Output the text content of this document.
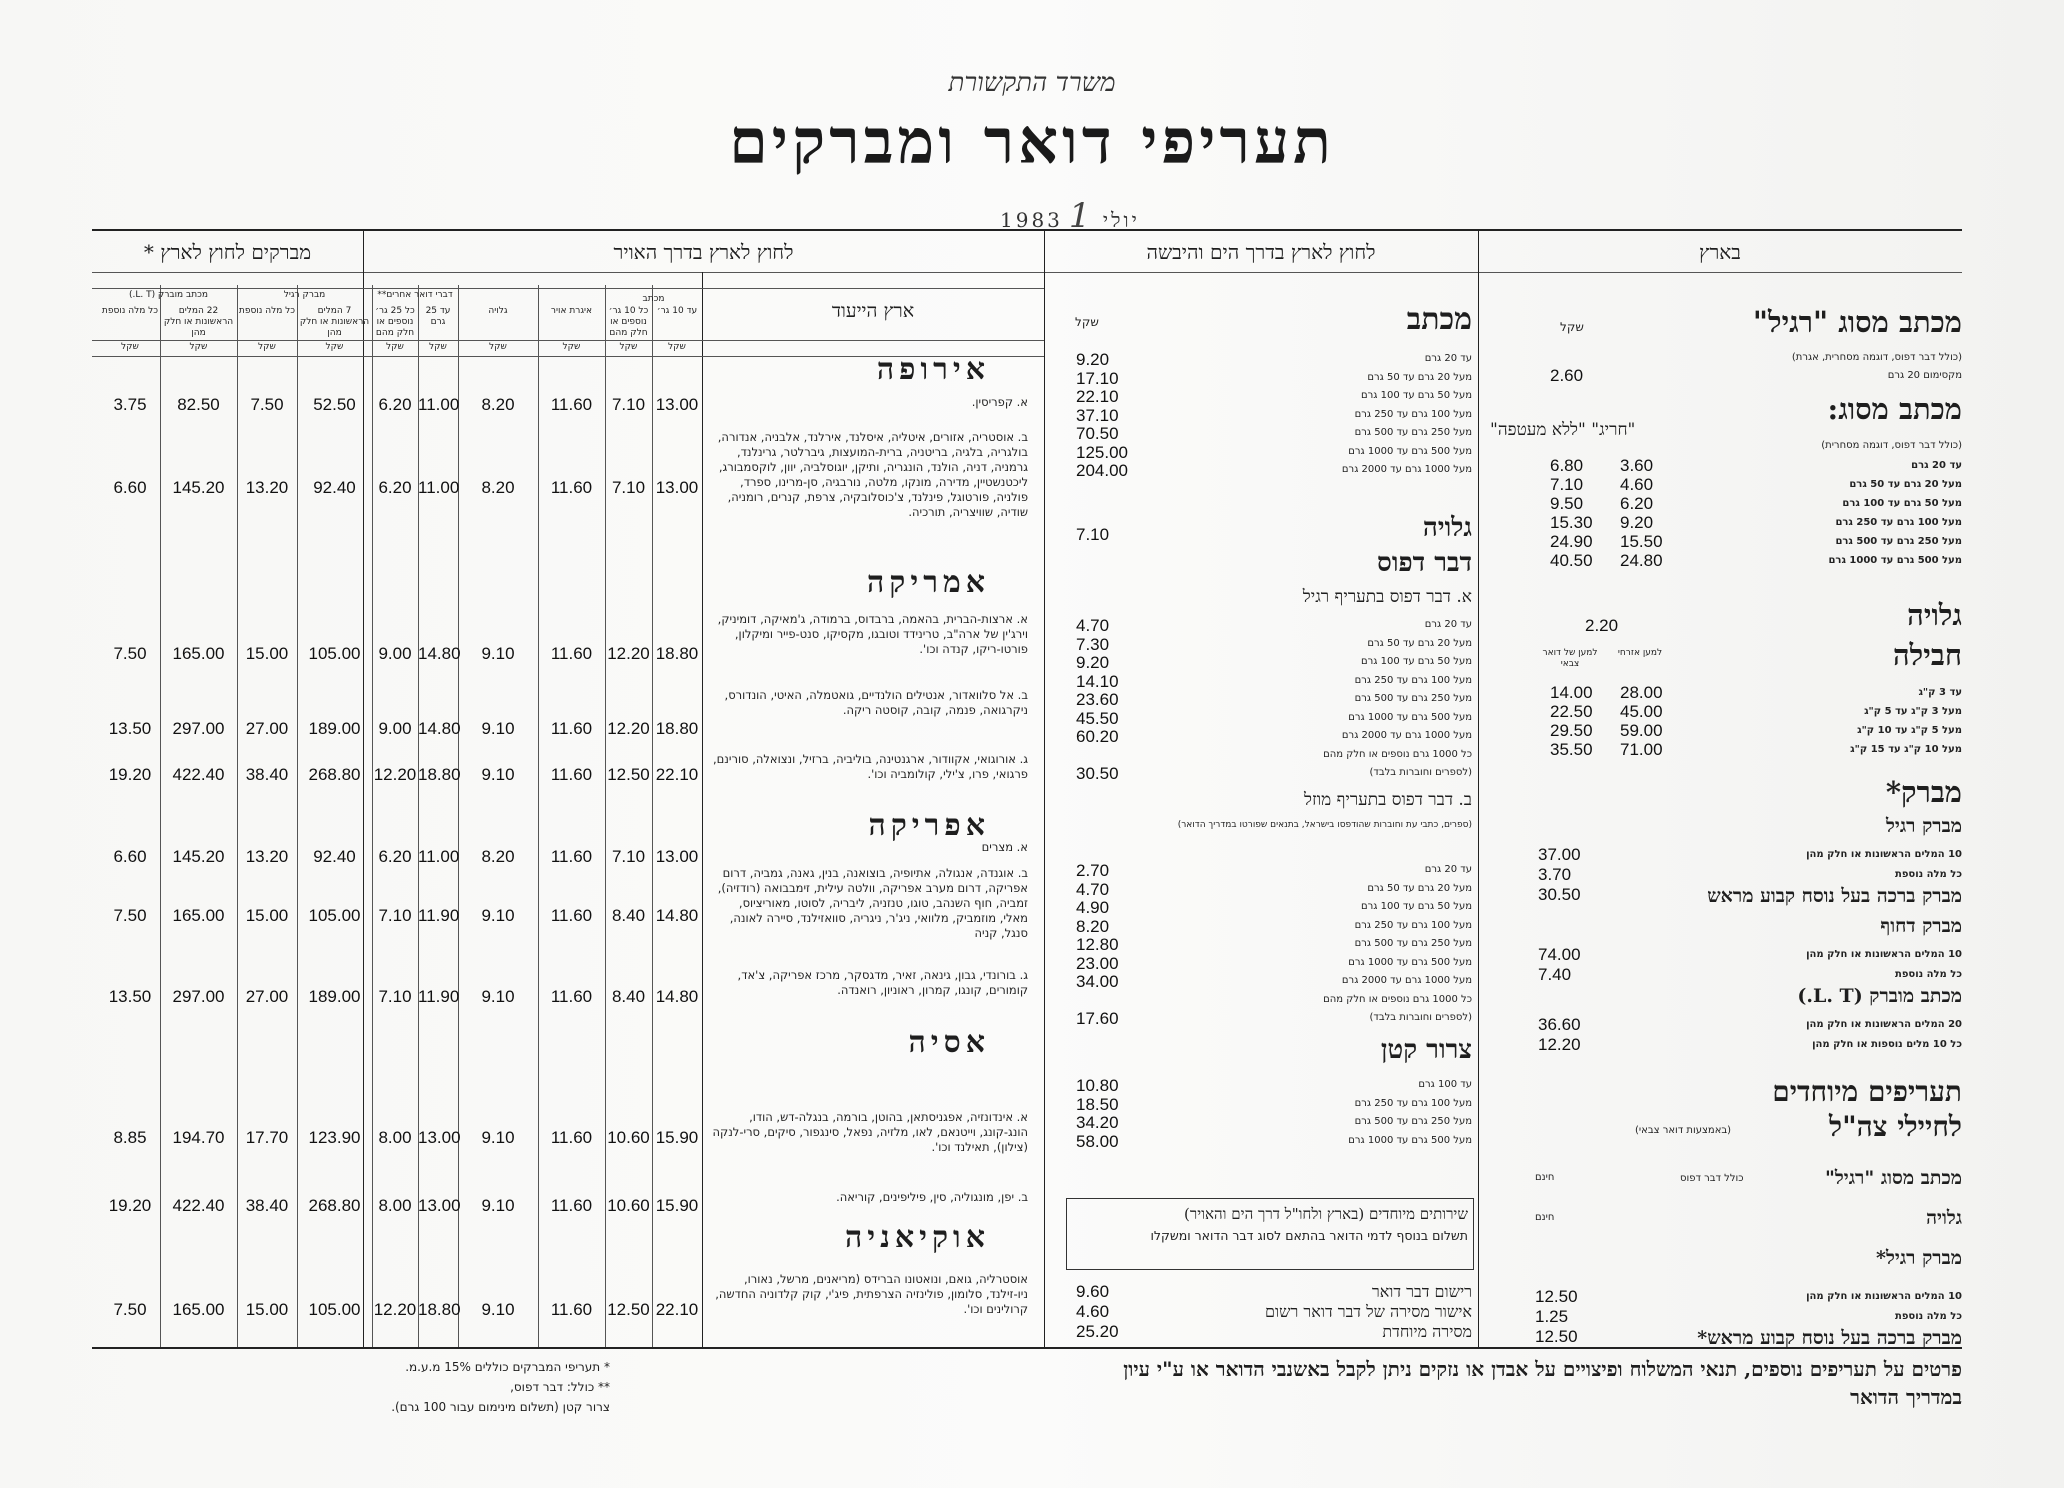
משרד התקשורת
תעריפי דואר ומברקים
יולי 19831
בארץ
לחוץ לארץ בדרך הים והיבשה
לחוץ לארץ בדרך האויר
מברקים לחוץ לארץ *
פרטים על תעריפים נוספים, תנאי המשלוח ופיצויים על אבדן או נזקים ניתן לקבל באשנבי הדואר או ע"י עיון במדריך הדואר
שקל	מכתב מסוג "רגיל"
(כולל דבר דפוס, דוגמה מסחרית, אגרת)
מקסימום 20 גרם
2.60
מכתב מסוג:
"חריג" "ללא מעטפה"
(כולל דבר דפוס, דוגמה מסחרית)
עד 20 גרם
6.80 3.60
מעל 20 גרם עד 50 גרם
7.10 4.60
מעל 50 גרם עד 100 גרם
9.50 6.20
מעל 100 גרם עד 250 גרם
15.30 9.20
מעל 250 גרם עד 500 גרם
24.90 15.50
מעל 500 גרם עד 1000 גרם
40.50 24.80
גלויה
2.20
חבילה
למען של דואר צבאי
למען אזרחי
עד 3 ק"ג
14.00 28.00
מעל 3 ק"ג עד 5 ק"ג
22.50 45.00
מעל 5 ק"ג עד 10 ק"ג
29.50 59.00
מעל 10 ק"ג עד 15 ק"ג
35.50 71.00
מברק*
מברק רגיל
10 המלים הראשונות או חלק מהן
37.00
כל מלה נוספת
3.70
מברק ברכה בעל נוסח קבוע מראש
30.50
מברק דחוף
10 המלים הראשונות או חלק מהן
74.00
כל מלה נוספת
7.40
מכתב מוברק (L. T.)
20 המלים הראשונות או חלק מהן
36.60
כל 10 מלים נוספות או חלק מהן
12.20
תעריפים מיוחדים
לחיילי צה"ל
(באמצעות דואר צבאי)
מכתב מסוג "רגיל"
כולל דבר דפוס
חינם
גלויה
חינם
מברק רגיל*
10 המלים הראשונות או חלק מהן
12.50
כל מלה נוספת
1.25
מברק ברכה בעל נוסח קבוע מראש*
12.50
שקל	מכתב
עד 20 גרם
9.20
מעל 20 גרם עד 50 גרם
17.10
מעל 50 גרם עד 100 גרם
22.10
מעל 100 גרם עד 250 גרם
37.10
מעל 250 גרם עד 500 גרם
70.50
מעל 500 גרם עד 1000 גרם
125.00
מעל 1000 גרם עד 2000 גרם
204.00
גלויה
7.10
דבר דפוס
א. דבר דפוס בתעריף רגיל
עד 20 גרם
4.70
מעל 20 גרם עד 50 גרם
7.30
מעל 50 גרם עד 100 גרם
9.20
מעל 100 גרם עד 250 גרם
14.10
מעל 250 גרם עד 500 גרם
23.60
מעל 500 גרם עד 1000 גרם
45.50
מעל 1000 גרם עד 2000 גרם
60.20
כל 1000 גרם נוספים או חלק מהם
(לספרים וחוברות בלבד)
30.50
ב. דבר דפוס בתעריף מוזל
(ספרים, כתבי עת וחוברות שהודפסו בישראל, בתנאים שפורטו במדריך הדואר)
עד 20 גרם
2.70
מעל 20 גרם עד 50 גרם
4.70
מעל 50 גרם עד 100 גרם
4.90
מעל 100 גרם עד 250 גרם
8.20
מעל 250 גרם עד 500 גרם
12.80
מעל 500 גרם עד 1000 גרם
23.00
מעל 1000 גרם עד 2000 גרם
34.00
כל 1000 גרם נוספים או חלק מהם
(לספרים וחוברות בלבד)
17.60
צרור קטן
עד 100 גרם
10.80
מעל 100 גרם עד 250 גרם
18.50
מעל 250 גרם עד 500 גרם
34.20
מעל 500 גרם עד 1000 גרם
58.00
שירותים מיוחדים (בארץ ולחו"ל דרך הים והאויר)
תשלום בנוסף לדמי הדואר בהתאם לסוג דבר הדואר ומשקלו
רישום דבר דואר
9.60
אישור מסירה של דבר דואר רשום
4.60
מסירה מיוחדת
25.20
ארץ הייעוד
מכתב
דברי דואר אחרים**
מברק רגיל
מכתב מוברק (L. T.)
עד 10 גר׳
שקל
כל 10 גר׳ נוספים או חלק מהם
שקל
איגרת אויר
שקל
גלויה
שקל
עד 25 גרם
שקל
כל 25 גר׳ נוספים או חלק מהם
שקל
7 המלים הראשונות או חלק מהן
שקל
כל מלה נוספת
שקל
22 המלים הראשונות או חלק מהן
שקל
כל מלה נוספת
שקל
אירופה
א. קפריסין.
13.00
7.10
11.60
8.20
11.00
6.20
52.50
7.50
82.50
3.75
ב. אוסטריה, אזורים, איטליה, איסלנד, אירלנד, אלבניה, אנדורה, בולגריה, בלגיה, בריטניה, ברית-המועצות, גיברלטר, גרינלנד, גרמניה, דניה, הולנד, הונגריה, ותיקן, יוגוסלביה, יוון, לוקסמבורג, ליכטנשטיין, מדירה, מונקו, מלטה, נורבגיה, סן-מרינו, ספרד, פולניה, פורטוגל, פינלנד, צ'כוסלובקיה, צרפת, קנרים, רומניה, שודיה, שוויצריה, תורכיה.
13.00
7.10
11.60
8.20
11.00
6.20
92.40
13.20
145.20
6.60
אמריקה
א. ארצות-הברית, בהאמה, ברבדוס, ברמודה, ג'מאיקה, דומיניק, וירג'ין של ארה"ב, טרינידד וטובגו, מקסיקו, סנט-פייר ומיקלון, פורטו-ריקו, קנדה וכו'.
18.80
12.20
11.60
9.10
14.80
9.00
105.00
15.00
165.00
7.50
ב. אל סלוואדור, אנטילים הולנדיים, גואטמלה, האיטי, הונדורס, ניקרגואה, פנמה, קובה, קוסטה ריקה.
18.80
12.20
11.60
9.10
14.80
9.00
189.00
27.00
297.00
13.50
ג. אורוגואי, אקוודור, ארגנטינה, בוליביה, ברזיל, ונצואלה, סורינם, פרגואי, פרו, צ'ילי, קולומביה וכו'.
22.10
12.50
11.60
9.10
18.80
12.20
268.80
38.40
422.40
19.20
אפריקה
א. מצרים
13.00
7.10
11.60
8.20
11.00
6.20
92.40
13.20
145.20
6.60
ב. אוגנדה, אנגולה, אתיופיה, בוצואנה, בנין, גאנה, גמביה, דרום אפריקה, דרום מערב אפריקה, וולטה עילית, זימבבואה (רודזיה), זמביה, חוף השנהב, טוגו, טנזניה, ליבריה, לסוטו, מאוריציוס, מאלי, מוזמביק, מלוואי, ניג'ר, ניגריה, סוואזילנד, סיירה לאונה, סנגל, קניה
14.80
8.40
11.60
9.10
11.90
7.10
105.00
15.00
165.00
7.50
ג. בורונדי, גבון, גינאה, זאיר, מדגסקר, מרכז אפריקה, צ'אד, קומורים, קונגו, קמרון, ראוניון, רואנדה.
14.80
8.40
11.60
9.10
11.90
7.10
189.00
27.00
297.00
13.50
אסיה
א. אינדונזיה, אפגניסתאן, בהוטן, בורמה, בנגלה-דש, הודו, הונג-קונג, וייטנאם, לאו, מלזיה, נפאל, סינגפור, סיקים, סרי-לנקה (צילון), תאילנד וכו'.
15.90
10.60
11.60
9.10
13.00
8.00
123.90
17.70
194.70
8.85
ב. יפן, מונגוליה, סין, פיליפינים, קוריאה.
15.90
10.60
11.60
9.10
13.00
8.00
268.80
38.40
422.40
19.20
אוקיאניה
אוסטרליה, גואם, ונואטונו הברידס (מריאנים, מרשל, נאורו, ניו-זילנד, סלומון, פולינזיה הצרפתית, פיג'י, קוק קלדוניה החדשה, קרולינים וכו'.
22.10
12.50
11.60
9.10
18.80
12.20
105.00
15.00
165.00
7.50
* תעריפי המברקים כוללים 15% מ.ע.מ.
** כולל: דבר דפוס,
צרור קטן (תשלום מינימום עבור 100 גרם).
